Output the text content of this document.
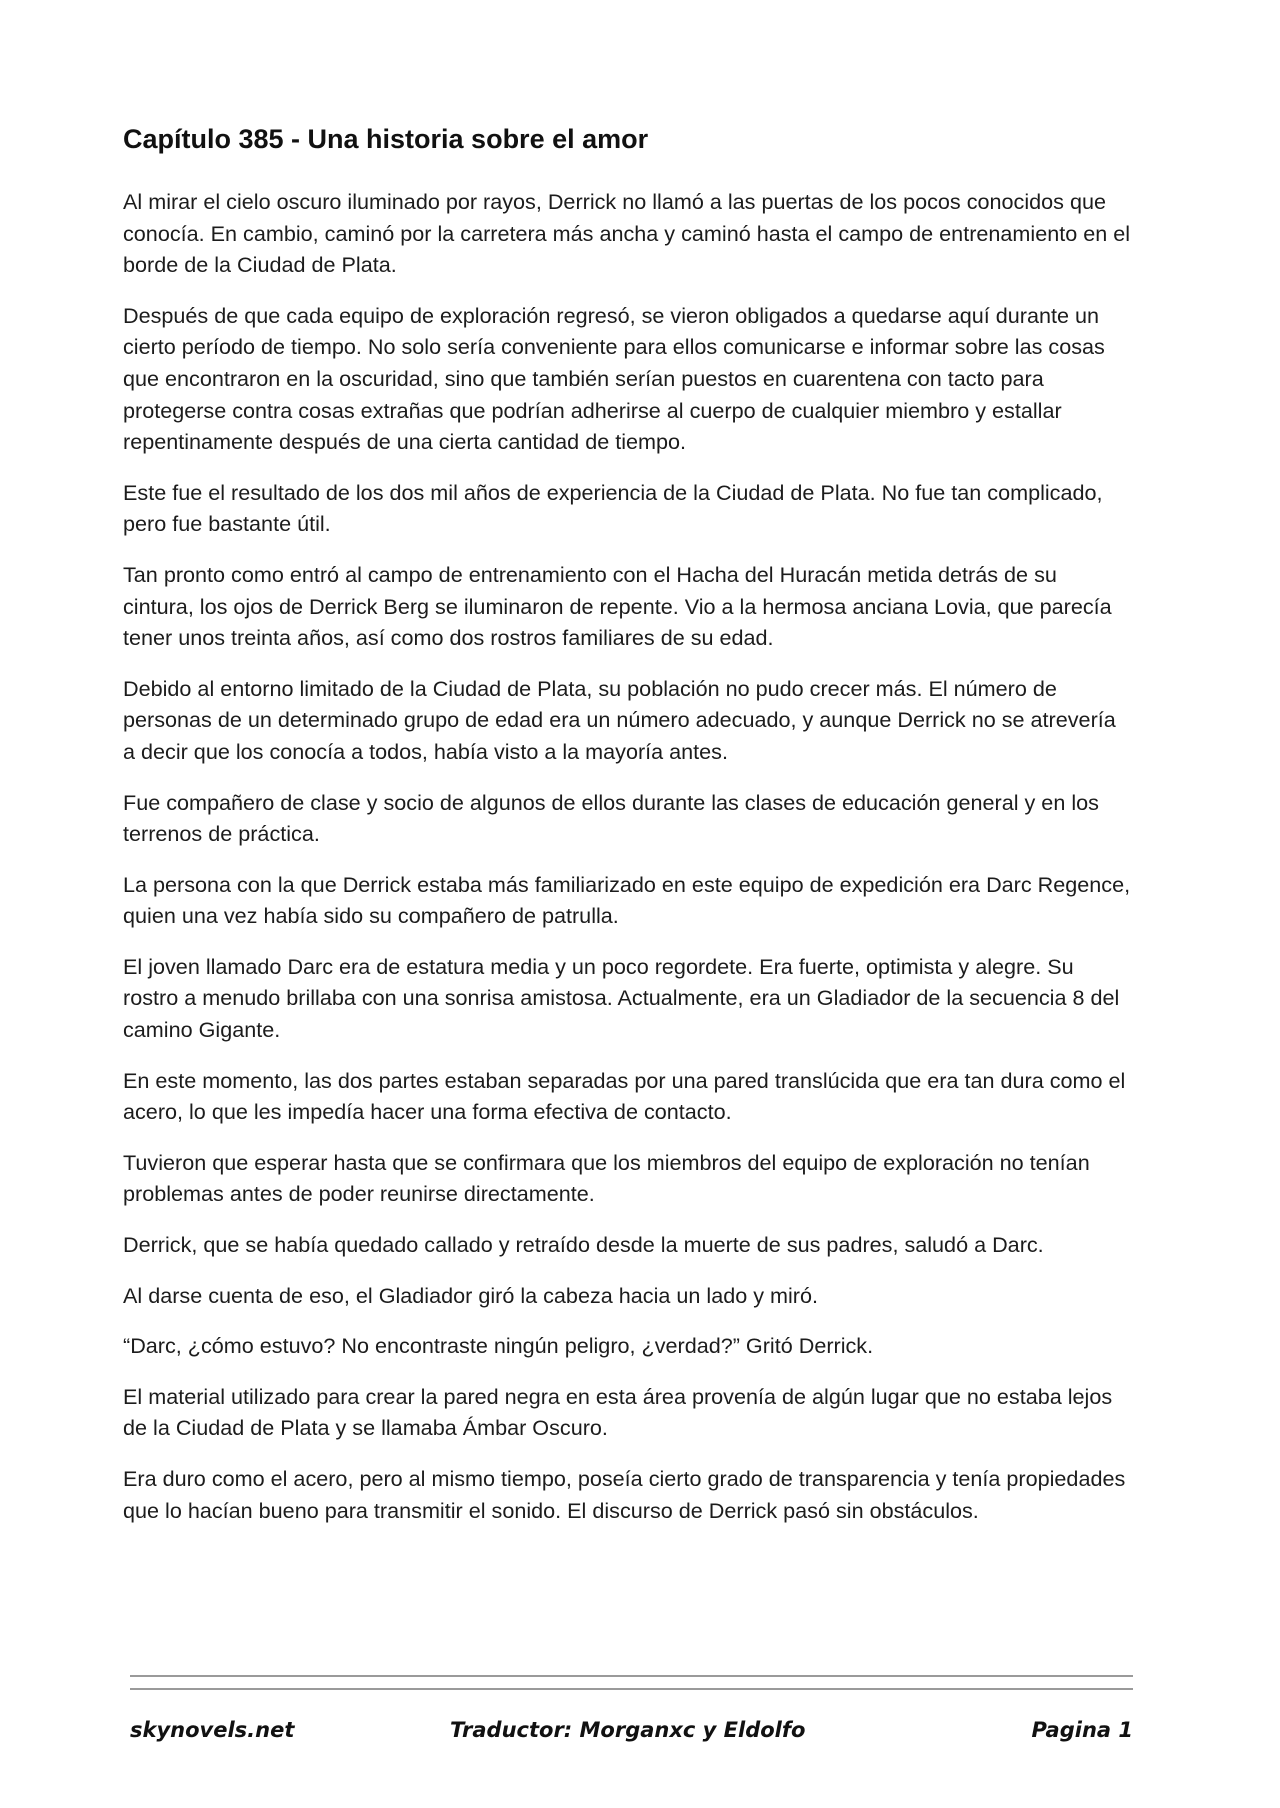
Capítulo 385 - Una historia sobre el amor

Al mirar el cielo oscuro iluminado por rayos, Derrick no llamó a las puertas de los pocos conocidos que conocía. En cambio, caminó por la carretera más ancha y caminó hasta el campo de entrenamiento en el borde de la Ciudad de Plata.

Después de que cada equipo de exploración regresó, se vieron obligados a quedarse aquí durante un cierto período de tiempo. No solo sería conveniente para ellos comunicarse e informar sobre las cosas que encontraron en la oscuridad, sino que también serían puestos en cuarentena con tacto para protegerse contra cosas extrañas que podrían adherirse al cuerpo de cualquier miembro y estallar repentinamente después de una cierta cantidad de tiempo.

Este fue el resultado de los dos mil años de experiencia de la Ciudad de Plata. No fue tan complicado, pero fue bastante útil.

Tan pronto como entró al campo de entrenamiento con el Hacha del Huracán metida detrás de su cintura, los ojos de Derrick Berg se iluminaron de repente. Vio a la hermosa anciana Lovia, que parecía tener unos treinta años, así como dos rostros familiares de su edad.

Debido al entorno limitado de la Ciudad de Plata, su población no pudo crecer más. El número de personas de un determinado grupo de edad era un número adecuado, y aunque Derrick no se atrevería a decir que los conocía a todos, había visto a la mayoría antes.

Fue compañero de clase y socio de algunos de ellos durante las clases de educación general y en los terrenos de práctica.

La persona con la que Derrick estaba más familiarizado en este equipo de expedición era Darc Regence, quien una vez había sido su compañero de patrulla.

El joven llamado Darc era de estatura media y un poco regordete. Era fuerte, optimista y alegre. Su rostro a menudo brillaba con una sonrisa amistosa. Actualmente, era un Gladiador de la secuencia 8 del camino Gigante.

En este momento, las dos partes estaban separadas por una pared translúcida que era tan dura como el acero, lo que les impedía hacer una forma efectiva de contacto.

Tuvieron que esperar hasta que se confirmara que los miembros del equipo de exploración no tenían problemas antes de poder reunirse directamente.

Derrick, que se había quedado callado y retraído desde la muerte de sus padres, saludó a Darc.

Al darse cuenta de eso, el Gladiador giró la cabeza hacia un lado y miró.

“Darc, ¿cómo estuvo? No encontraste ningún peligro, ¿verdad?” Gritó Derrick.

El material utilizado para crear la pared negra en esta área provenía de algún lugar que no estaba lejos de la Ciudad de Plata y se llamaba Ámbar Oscuro.

Era duro como el acero, pero al mismo tiempo, poseía cierto grado de transparencia y tenía propiedades que lo hacían bueno para transmitir el sonido. El discurso de Derrick pasó sin obstáculos.

skynovels.net	Traductor: Morganxc y Eldolfo	Pagina 1
